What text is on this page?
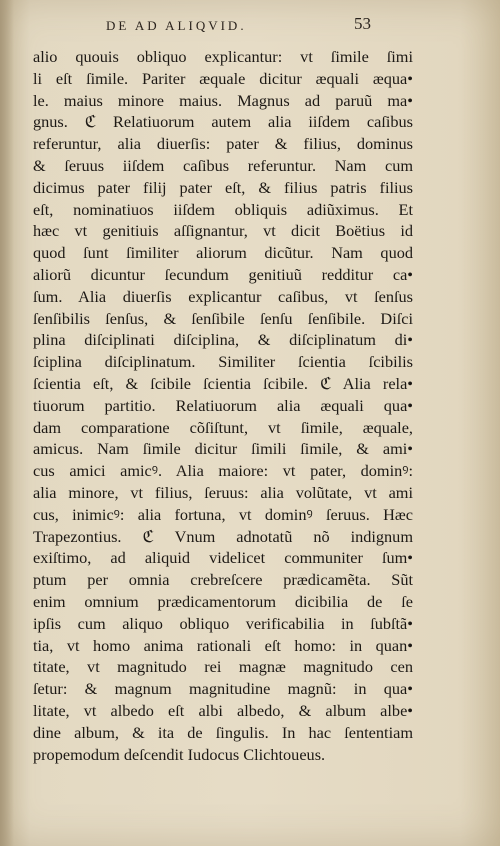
DE AD ALIQVID.	53
alio quouis obliquo explicantur: vt ſimile ſimi
li eſt ſimile. Pariter æquale dicitur æquali æqua•
le. maius minore maius. Magnus ad paruũ ma•
gnus. ℭ Relatiuorum autem alia iiſdem caſibus
referuntur, alia diuerſis: pater & filius, dominus
& ſeruus iiſdem caſibus referuntur. Nam cum
dicimus pater filij pater eſt, & filius patris filius
eſt, nominatiuos iiſdem obliquis adiũximus. Et
hæc vt genitiuis aſſignantur, vt dicit Boëtius id
quod ſunt ſimiliter aliorum dicũtur. Nam quod
aliorũ dicuntur ſecundum genitiuũ redditur ca•
ſum. Alia diuerſis explicantur caſibus, vt ſenſus
ſenſibilis ſenſus, & ſenſibile ſenſu ſenſibile. Diſci
plina diſciplinati diſciplina, & diſciplinatum di•
ſciplina diſciplinatum. Similiter ſcientia ſcibilis
ſcientia eſt, & ſcibile ſcientia ſcibile. ℭ Alia rela•
tiuorum partitio. Relatiuorum alia æquali qua•
dam comparatione cõſiſtunt, vt ſimile, æquale,
amicus. Nam ſimile dicitur ſimili ſimile, & ami•
cus amici amicꝰ. Alia maiore: vt pater, dominꝰ:
alia minore, vt filius, ſeruus: alia volũtate, vt ami
cus, inimicꝰ: alia fortuna, vt dominꝰ ſeruus. Hæc
Trapezontius. ℭ Vnum adnotatũ nõ indignum
exiſtimo, ad aliquid videlicet communiter ſum•
ptum per omnia crebreſcere prædicamẽta. Sũt
enim omnium prædicamentorum dicibilia de ſe
ipſis cum aliquo obliquo verificabilia in ſubſtã•
tia, vt homo anima rationali eſt homo: in quan•
titate, vt magnitudo rei magnæ magnitudo cen
ſetur: & magnum magnitudine magnũ: in qua•
litate, vt albedo eſt albi albedo, & album albe•
dine album, & ita de ſingulis. In hac ſententiam
propemodum deſcendit Iudocus Clichtoueus.
